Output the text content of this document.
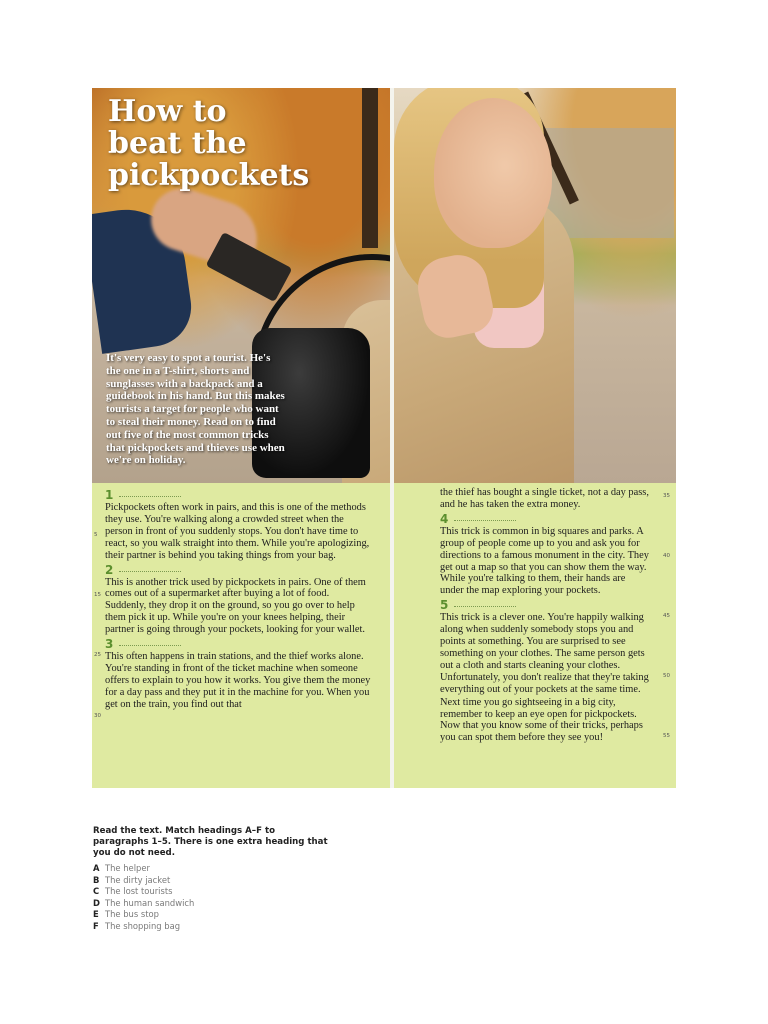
How to
beat the
pickpockets

It's very easy to spot a tourist. He's the one in a T-shirt, shorts and sunglasses with a backpack and a guidebook in his hand. But this makes tourists a target for people who want to steal their money. Read on to find out five of the most common tricks that pickpockets and thieves use when we're on holiday.

1

Pickpockets often work in pairs, and this is one of the methods they use. You're walking along a crowded street when the person in front of you suddenly stops. You don't have time to react, so you walk straight into them. While you're apologizing, their partner is behind you taking things from your bag.

2

This is another trick used by pickpockets in pairs. One of them comes out of a supermarket after buying a lot of food. Suddenly, they drop it on the ground, so you go over to help them pick it up. While you're on your knees helping, their partner is going through your pockets, looking for your wallet.

3

This often happens in train stations, and the thief works alone. You're standing in front of the ticket machine when someone offers to explain to you how it works. You give them the money for a day pass and they put it in the machine for you. When you get on the train, you find out that

5
15
25
30

the thief has bought a single ticket, not a day pass, and he has taken the extra money.

4

This trick is common in big squares and parks. A group of people come up to you and ask you for directions to a famous monument in the city. They get out a map so that you can show them the way. While you're talking to them, their hands are under the map exploring your pockets.

5

This trick is a clever one. You're happily walking along when suddenly somebody stops you and points at something. You are surprised to see something on your clothes. The same person gets out a cloth and starts cleaning your clothes. Unfortunately, you don't realize that they're taking everything out of your pockets at the same time.

Next time you go sightseeing in a big city, remember to keep an eye open for pickpockets. Now that you know some of their tricks, perhaps you can spot them before they see you!

35
40
45
50
55

Read the text. Match headings A–F to paragraphs 1–5. There is one extra heading that you do not need.

A The helper
B The dirty jacket
C The lost tourists
D The human sandwich
E The bus stop
F The shopping bag
